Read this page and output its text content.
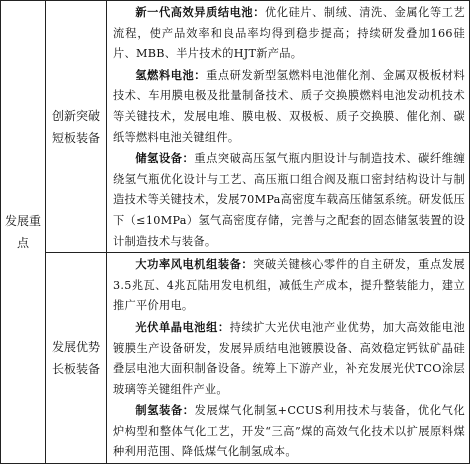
发展重点	创新突破短板装备	新一代高效异质结电池：优化硅片、制绒、清洗、金属化等工艺流程，使产品效率和良品率均得到稳步提高；持续研发叠加166硅片、MBB、半片技术的HJT新产品。

氢燃料电池：重点研发新型氢燃料电池催化剂、金属双极板材料技术、车用膜电极及批量制备技术、质子交换膜燃料电池发动机技术等关键技术，发展电堆、膜电极、双极板、质子交换膜、催化剂、碳纸等燃料电池关键组件。

储氢设备：重点突破高压氢气瓶内胆设计与制造技术、碳纤维缠绕氢气瓶优化设计与工艺、高压瓶口组合阀及瓶口密封结构设计与制造技术等关键技术，发展70MPa高密度车载高压储氢系统。研发低压下（≤10MPa）氢气高密度存储，完善与之配套的固态储氢装置的设计制造技术与装备。

	发展优势长板装备	大功率风电机组装备：突破关键核心零件的自主研发，重点发展3.5兆瓦、4兆瓦陆用发电机组，减低生产成本，提升整装能力，建立推广平价用电。

光伏单晶电池组：持续扩大光伏电池产业优势，加大高效能电池镀膜生产设备研发，发展异质结电池镀膜设备、高效稳定钙钛矿晶硅叠层电池大面积制备设备。统筹上下游产业，补充发展光伏TCO涂层玻璃等关键组件产业。

制氢装备：发展煤气化制氢+CCUS利用技术与装备，优化气化炉构型和整体气化工艺，开发“三高”煤的高效气化技术以扩展原料煤种利用范围、降低煤气化制氢成本。
